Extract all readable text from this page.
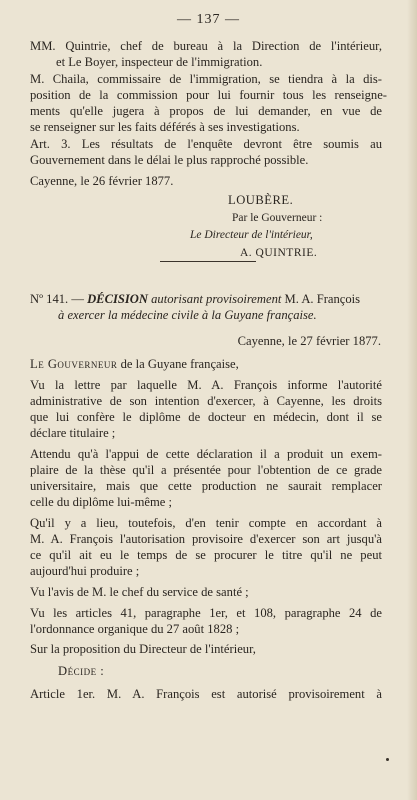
— 137 —
MM. Quintrie, chef de bureau à la Direction de l'intérieur,
et Le Boyer, inspecteur de l'immigration.
M. Chaila, commissaire de l'immigration, se tiendra à la dis-
position de la commission pour lui fournir tous les renseigne-
ments qu'elle jugera à propos de lui demander, en vue de
se renseigner sur les faits déférés à ses investigations.
Art. 3. Les résultats de l'enquête devront être soumis au
Gouvernement dans le délai le plus rapproché possible.
Cayenne, le 26 février 1877.
LOUBÈRE.
Par le Gouverneur :
Le Directeur de l'intérieur,
A. QUINTRIE.
Nº 141. — DÉCISION autorisant provisoirement M. A. François
à exercer la médecine civile à la Guyane française.
Cayenne, le 27 février 1877.
Le Gouverneur de la Guyane française,
Vu la lettre par laquelle M. A. François informe l'autorité
administrative de son intention d'exercer, à Cayenne, les droits
que lui confère le diplôme de docteur en médecin, dont il se
déclare titulaire ;
Attendu qu'à l'appui de cette déclaration il a produit un exem-
plaire de la thèse qu'il a présentée pour l'obtention de ce grade
universitaire, mais que cette production ne saurait remplacer
celle du diplôme lui-même ;
Qu'il y a lieu, toutefois, d'en tenir compte en accordant à
M. A. François l'autorisation provisoire d'exercer son art jusqu'à
ce qu'il ait eu le temps de se procurer le titre qu'il ne peut
aujourd'hui produire ;
Vu l'avis de M. le chef du service de santé ;
Vu les articles 41, paragraphe 1er, et 108, paragraphe 24 de
l'ordonnance organique du 27 août 1828 ;
Sur la proposition du Directeur de l'intérieur,
Décide :
Article 1er. M. A. François est autorisé provisoirement à
